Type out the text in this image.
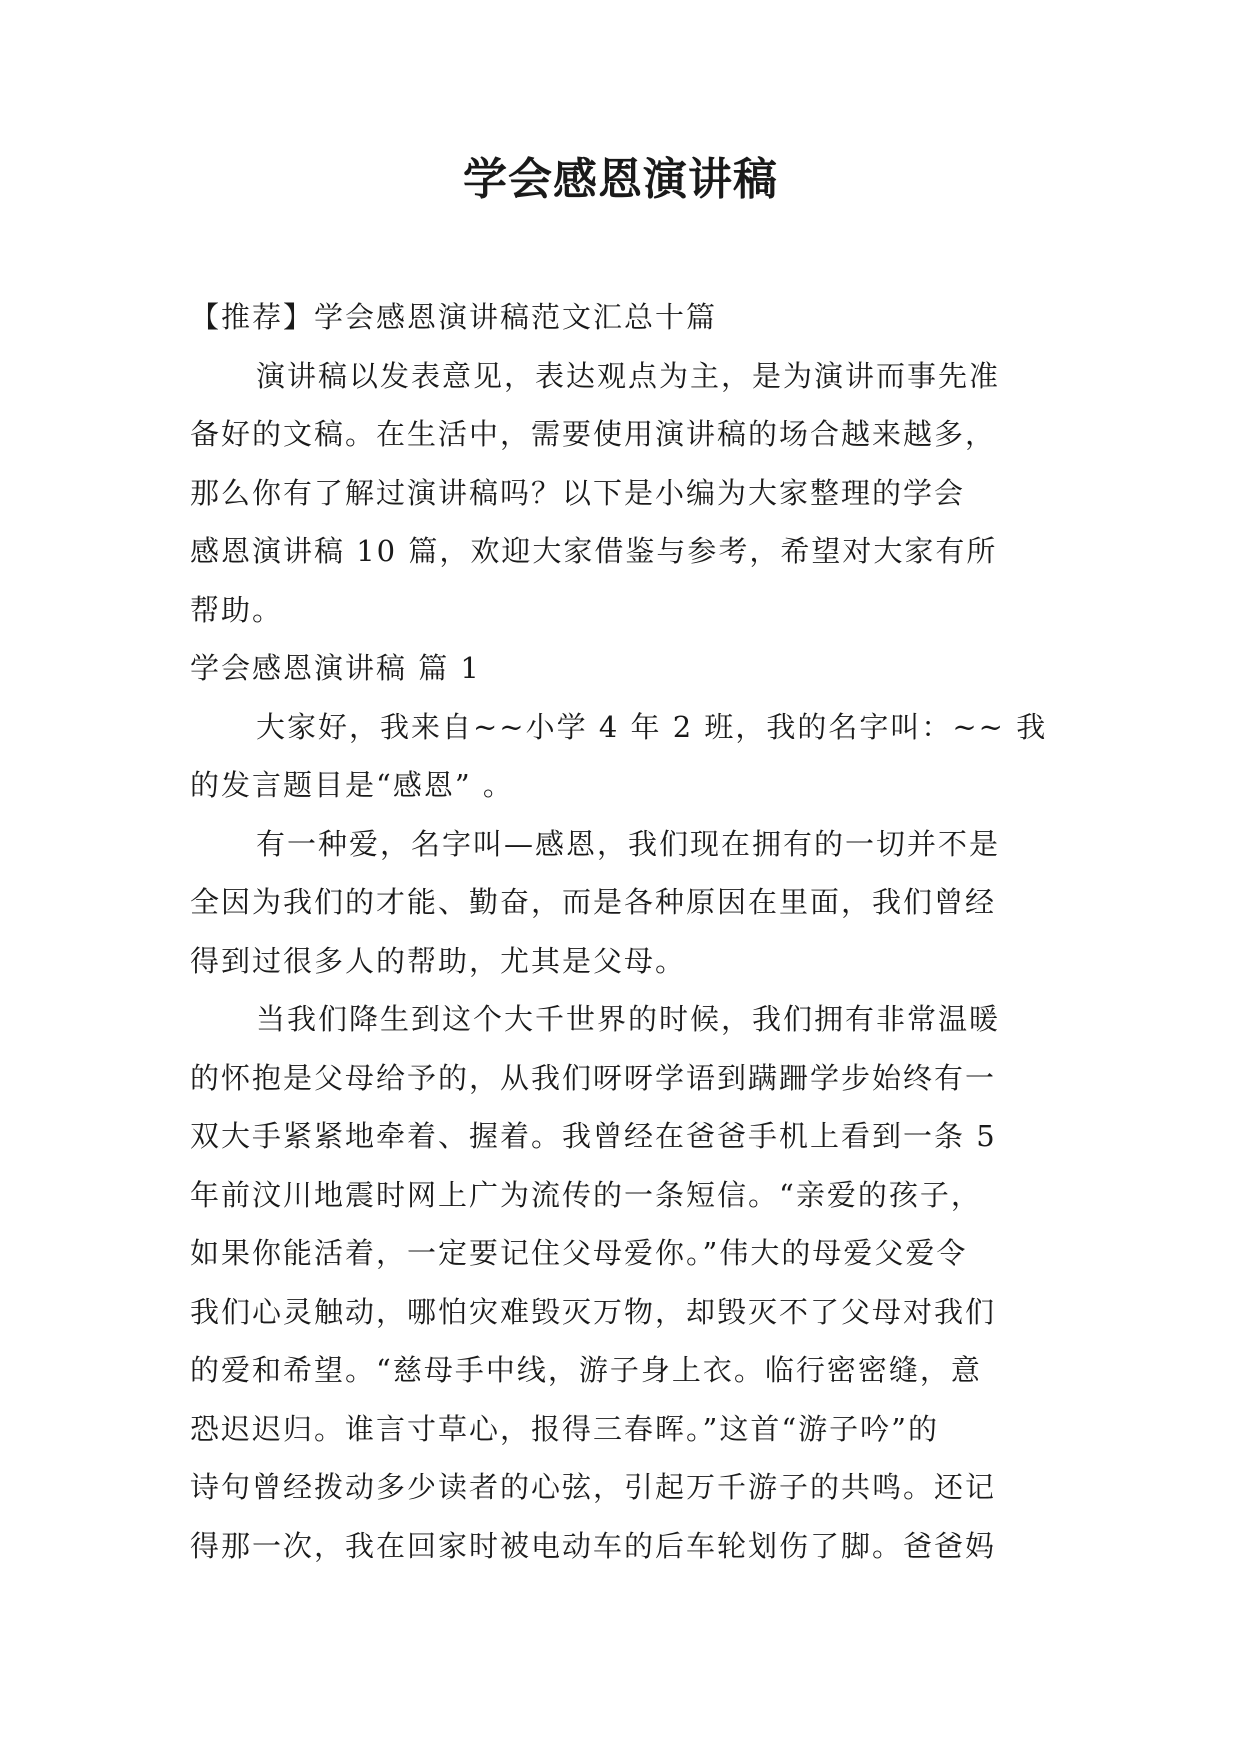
学会感恩演讲稿
【推荐】学会感恩演讲稿范文汇总十篇
演讲稿以发表意见，表达观点为主，是为演讲而事先准
备好的文稿。在生活中，需要使用演讲稿的场合越来越多，
那么你有了解过演讲稿吗？以下是小编为大家整理的学会
感恩演讲稿 10 篇，欢迎大家借鉴与参考，希望对大家有所
帮助。
学会感恩演讲稿 篇 1
大家好，我来自~~小学 4 年 2 班，我的名字叫：~~ 我
的发言题目是“感恩” 。
有一种爱，名字叫—感恩，我们现在拥有的一切并不是
全因为我们的才能、勤奋，而是各种原因在里面，我们曾经
得到过很多人的帮助，尤其是父母。
当我们降生到这个大千世界的时候，我们拥有非常温暖
的怀抱是父母给予的，从我们呀呀学语到蹒跚学步始终有一
双大手紧紧地牵着、握着。我曾经在爸爸手机上看到一条 5
年前汶川地震时网上广为流传的一条短信。“亲爱的孩子，
如果你能活着，一定要记住父母爱你。”伟大的母爱父爱令
我们心灵触动，哪怕灾难毁灭万物，却毁灭不了父母对我们
的爱和希望。“慈母手中线，游子身上衣。临行密密缝，意
恐迟迟归。谁言寸草心，报得三春晖。”这首“游子吟”的
诗句曾经拨动多少读者的心弦，引起万千游子的共鸣。还记
得那一次，我在回家时被电动车的后车轮划伤了脚。爸爸妈
